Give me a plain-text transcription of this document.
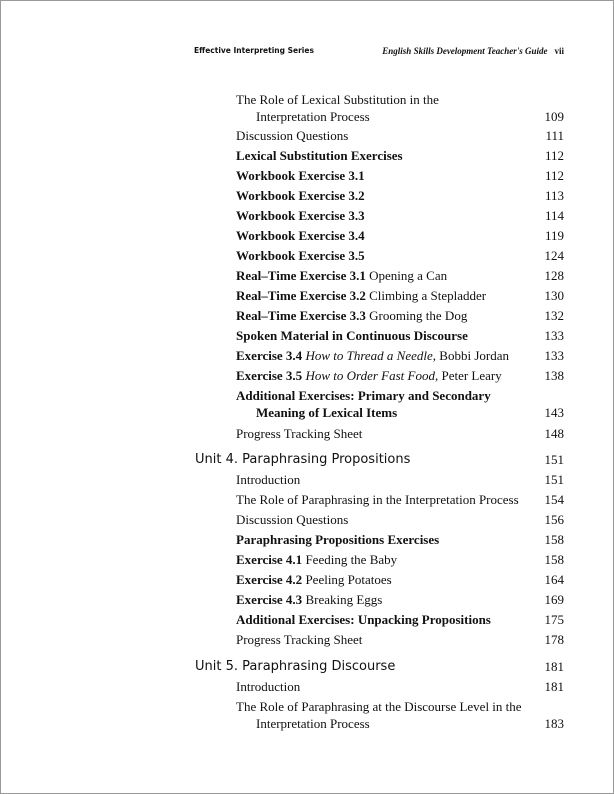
Effective Interpreting Series	English Skills Development Teacher's Guide vii
The Role of Lexical Substitution in the
Interpretation Process	109
Discussion Questions	111
Lexical Substitution Exercises	112
Workbook Exercise 3.1	112
Workbook Exercise 3.2	113
Workbook Exercise 3.3	114
Workbook Exercise 3.4	119
Workbook Exercise 3.5	124
Real–Time Exercise 3.1 Opening a Can	128
Real–Time Exercise 3.2 Climbing a Stepladder	130
Real–Time Exercise 3.3 Grooming the Dog	132
Spoken Material in Continuous Discourse	133
Exercise 3.4 How to Thread a Needle, Bobbi Jordan	133
Exercise 3.5 How to Order Fast Food, Peter Leary	138
Additional Exercises: Primary and Secondary
Meaning of Lexical Items	143
Progress Tracking Sheet	148
Unit 4. Paraphrasing Propositions	151
Introduction	151
The Role of Paraphrasing in the Interpretation Process 154
Discussion Questions	156
Paraphrasing Propositions Exercises	158
Exercise 4.1 Feeding the Baby	158
Exercise 4.2 Peeling Potatoes	164
Exercise 4.3 Breaking Eggs	169
Additional Exercises: Unpacking Propositions	175
Progress Tracking Sheet	178
Unit 5. Paraphrasing Discourse	181
Introduction	181
The Role of Paraphrasing at the Discourse Level in the
Interpretation Process	183
